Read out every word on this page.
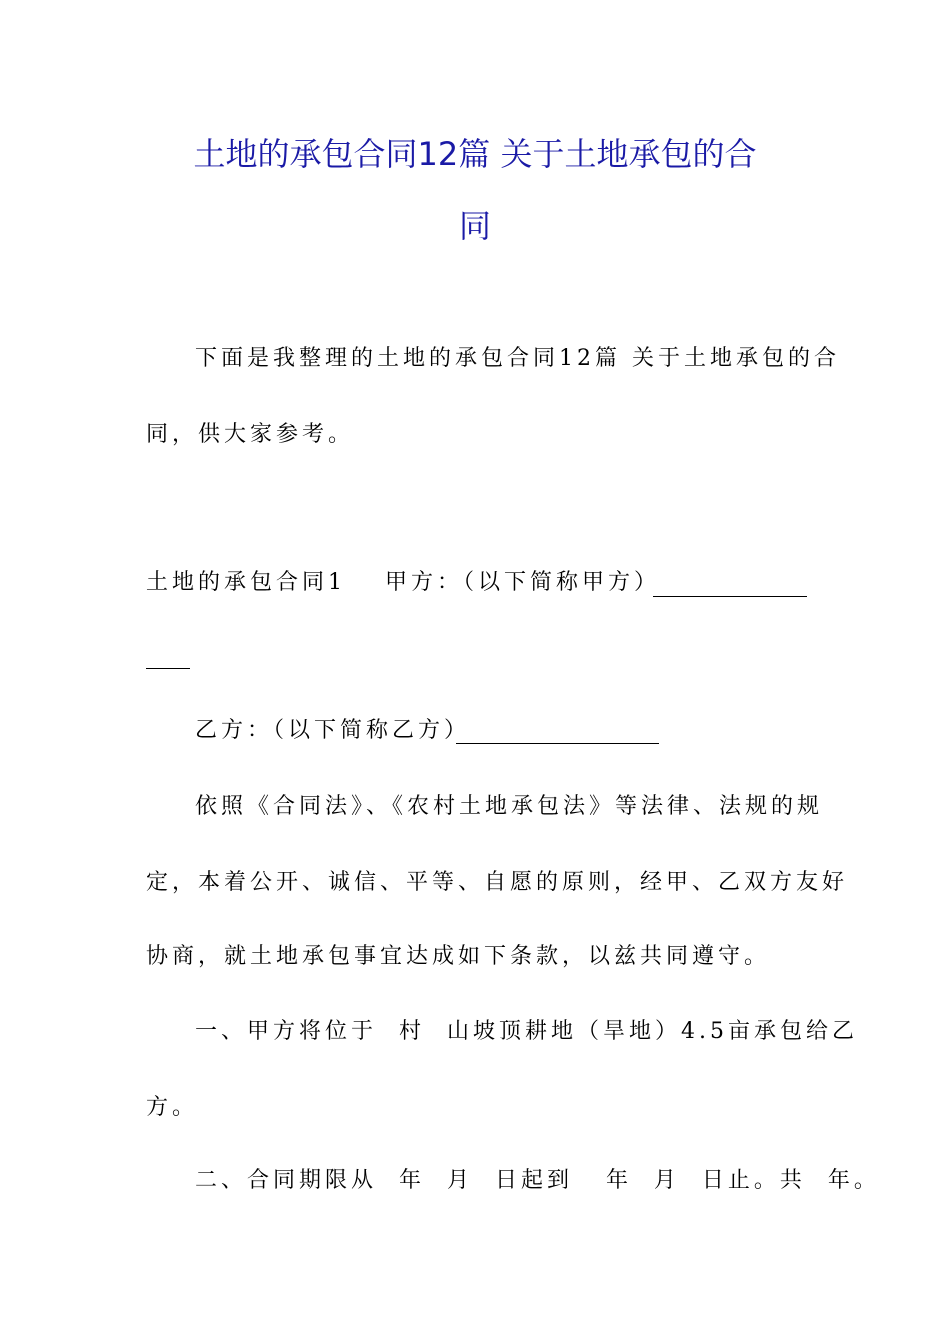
土地的承包合同12篇 关于土地承包的合
同
下面是我整理的土地的承包合同12篇 关于土地承包的合
同，供大家参考。
土地的承包合同1 甲方：（以下简称甲方）
乙方：（以下简称乙方）
依照《合同法》、《农村土地承包法》等法律、法规的规
定，本着公开、诚信、平等、自愿的原则，经甲、乙双方友好
协商，就土地承包事宜达成如下条款，以兹共同遵守。
一、甲方将位于  村  山坡顶耕地（旱地）4.5亩承包给乙
方。
二、合同期限从  年  月  日起到   年  月  日止。共  年。
